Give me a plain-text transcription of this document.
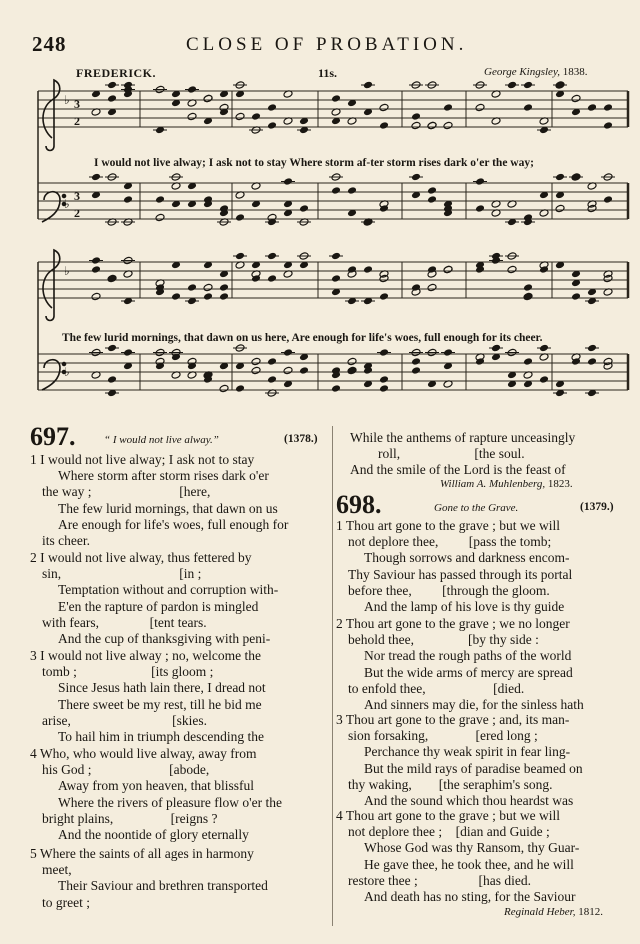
248	CLOSE OF PROBATION.
FREDERICK.	11s.	George Kingsley, 1838.
3
2
3
2
♭
♭
♭
♭
I would not live alway; I ask not to stay Where storm af-ter storm rises dark o'er the way;
The few lurid mornings, that dawn on us here, Are enough for life's woes, full enough for its cheer.
697.	“ I would not live alway.”	(1378.)
1 I would not live alway; I ask not to stay
Where storm after storm rises dark o'er
the way ;                          [here,
The few lurid mornings, that dawn on us
Are enough for life's woes, full enough for
its cheer.
2 I would not live alway, thus fettered by
sin,                                   [in ;
Temptation without and corruption with-
E'en the rapture of pardon is mingled
with fears,               [tent tears.
And the cup of thanksgiving with peni-
3 I would not live alway ; no, welcome the
tomb ;                      [its gloom ;
Since Jesus hath lain there, I dread not
There sweet be my rest, till he bid me
arise,                              [skies.
To hail him in triumph descending the
4 Who, who would live alway, away from
his God ;                       [abode,
Away from yon heaven, that blissful
Where the rivers of pleasure flow o'er the
bright plains,                 [reigns ?
And the noontide of glory eternally
5 Where the saints of all ages in harmony
meet,
Their Saviour and brethren transported
to greet ;
While the anthems of rapture unceasingly
roll,                      [the soul.
And the smile of the Lord is the feast of
William A. Muhlenberg, 1823.
698.	Gone to the Grave.	(1379.)
1 Thou art gone to the grave ; but we will
not deplore thee,         [pass the tomb;
Though sorrows and darkness encom-
Thy Saviour has passed through its portal
before thee,         [through the gloom.
And the lamp of his love is thy guide
2 Thou art gone to the grave ; we no longer
behold thee,                [by thy side :
Nor tread the rough paths of the world
But the wide arms of mercy are spread
to enfold thee,                    [died.
And sinners may die, for the sinless hath
3 Thou art gone to the grave ; and, its man-
sion forsaking,              [ered long ;
Perchance thy weak spirit in fear ling-
But the mild rays of paradise beamed on
thy waking,        [the seraphim's song.
And the sound which thou heardst was
4 Thou art gone to the grave ; but we will
not deplore thee ;    [dian and Guide ;
Whose God was thy Ransom, thy Guar-
He gave thee, he took thee, and he will
restore thee ;                  [has died.
And death has no sting, for the Saviour
Reginald Heber, 1812.
